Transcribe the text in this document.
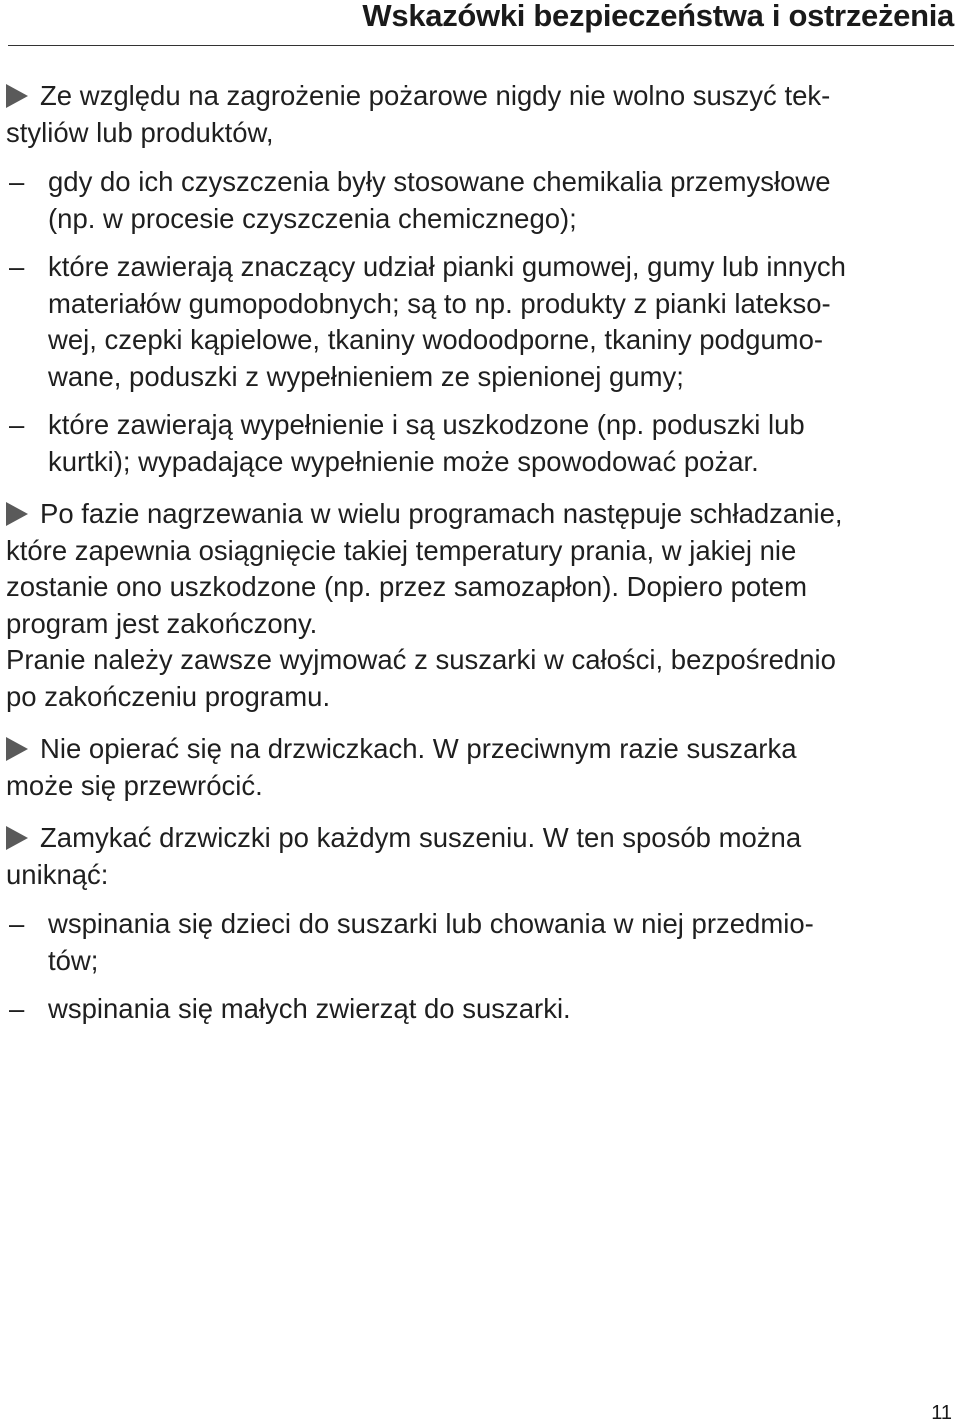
Wskazówki bezpieczeństwa i ostrzeżenia

Ze względu na zagrożenie pożarowe nigdy nie wolno suszyć tek-
styliów lub produktów,

– gdy do ich czyszczenia były stosowane chemikalia przemysłowe
(np. w procesie czyszczenia chemicznego);
– które zawierają znaczący udział pianki gumowej, gumy lub innych
materiałów gumopodobnych; są to np. produkty z pianki lateksо-
wej, czepki kąpielowe, tkaniny wodoodporne, tkaniny podgumo-
wane, poduszki z wypełnieniem ze spienionej gumy;
– które zawierają wypełnienie i są uszkodzone (np. poduszki lub
kurtki); wypadające wypełnienie może spowodować pożar.

Po fazie nagrzewania w wielu programach następuje schładzanie,
które zapewnia osiągnięcie takiej temperatury prania, w jakiej nie
zostanie ono uszkodzone (np. przez samozapłon). Dopiero potem
program jest zakończony.

Pranie należy zawsze wyjmować z suszarki w całości, bezpośrednio
po zakończeniu programu.

Nie opierać się na drzwiczkach. W przeciwnym razie suszarka
może się przewrócić.

Zamykać drzwiczki po każdym suszeniu. W ten sposób można
uniknąć:

– wspinania się dzieci do suszarki lub chowania w niej przedmio-
tów;
– wspinania się małych zwierząt do suszarki.
11
